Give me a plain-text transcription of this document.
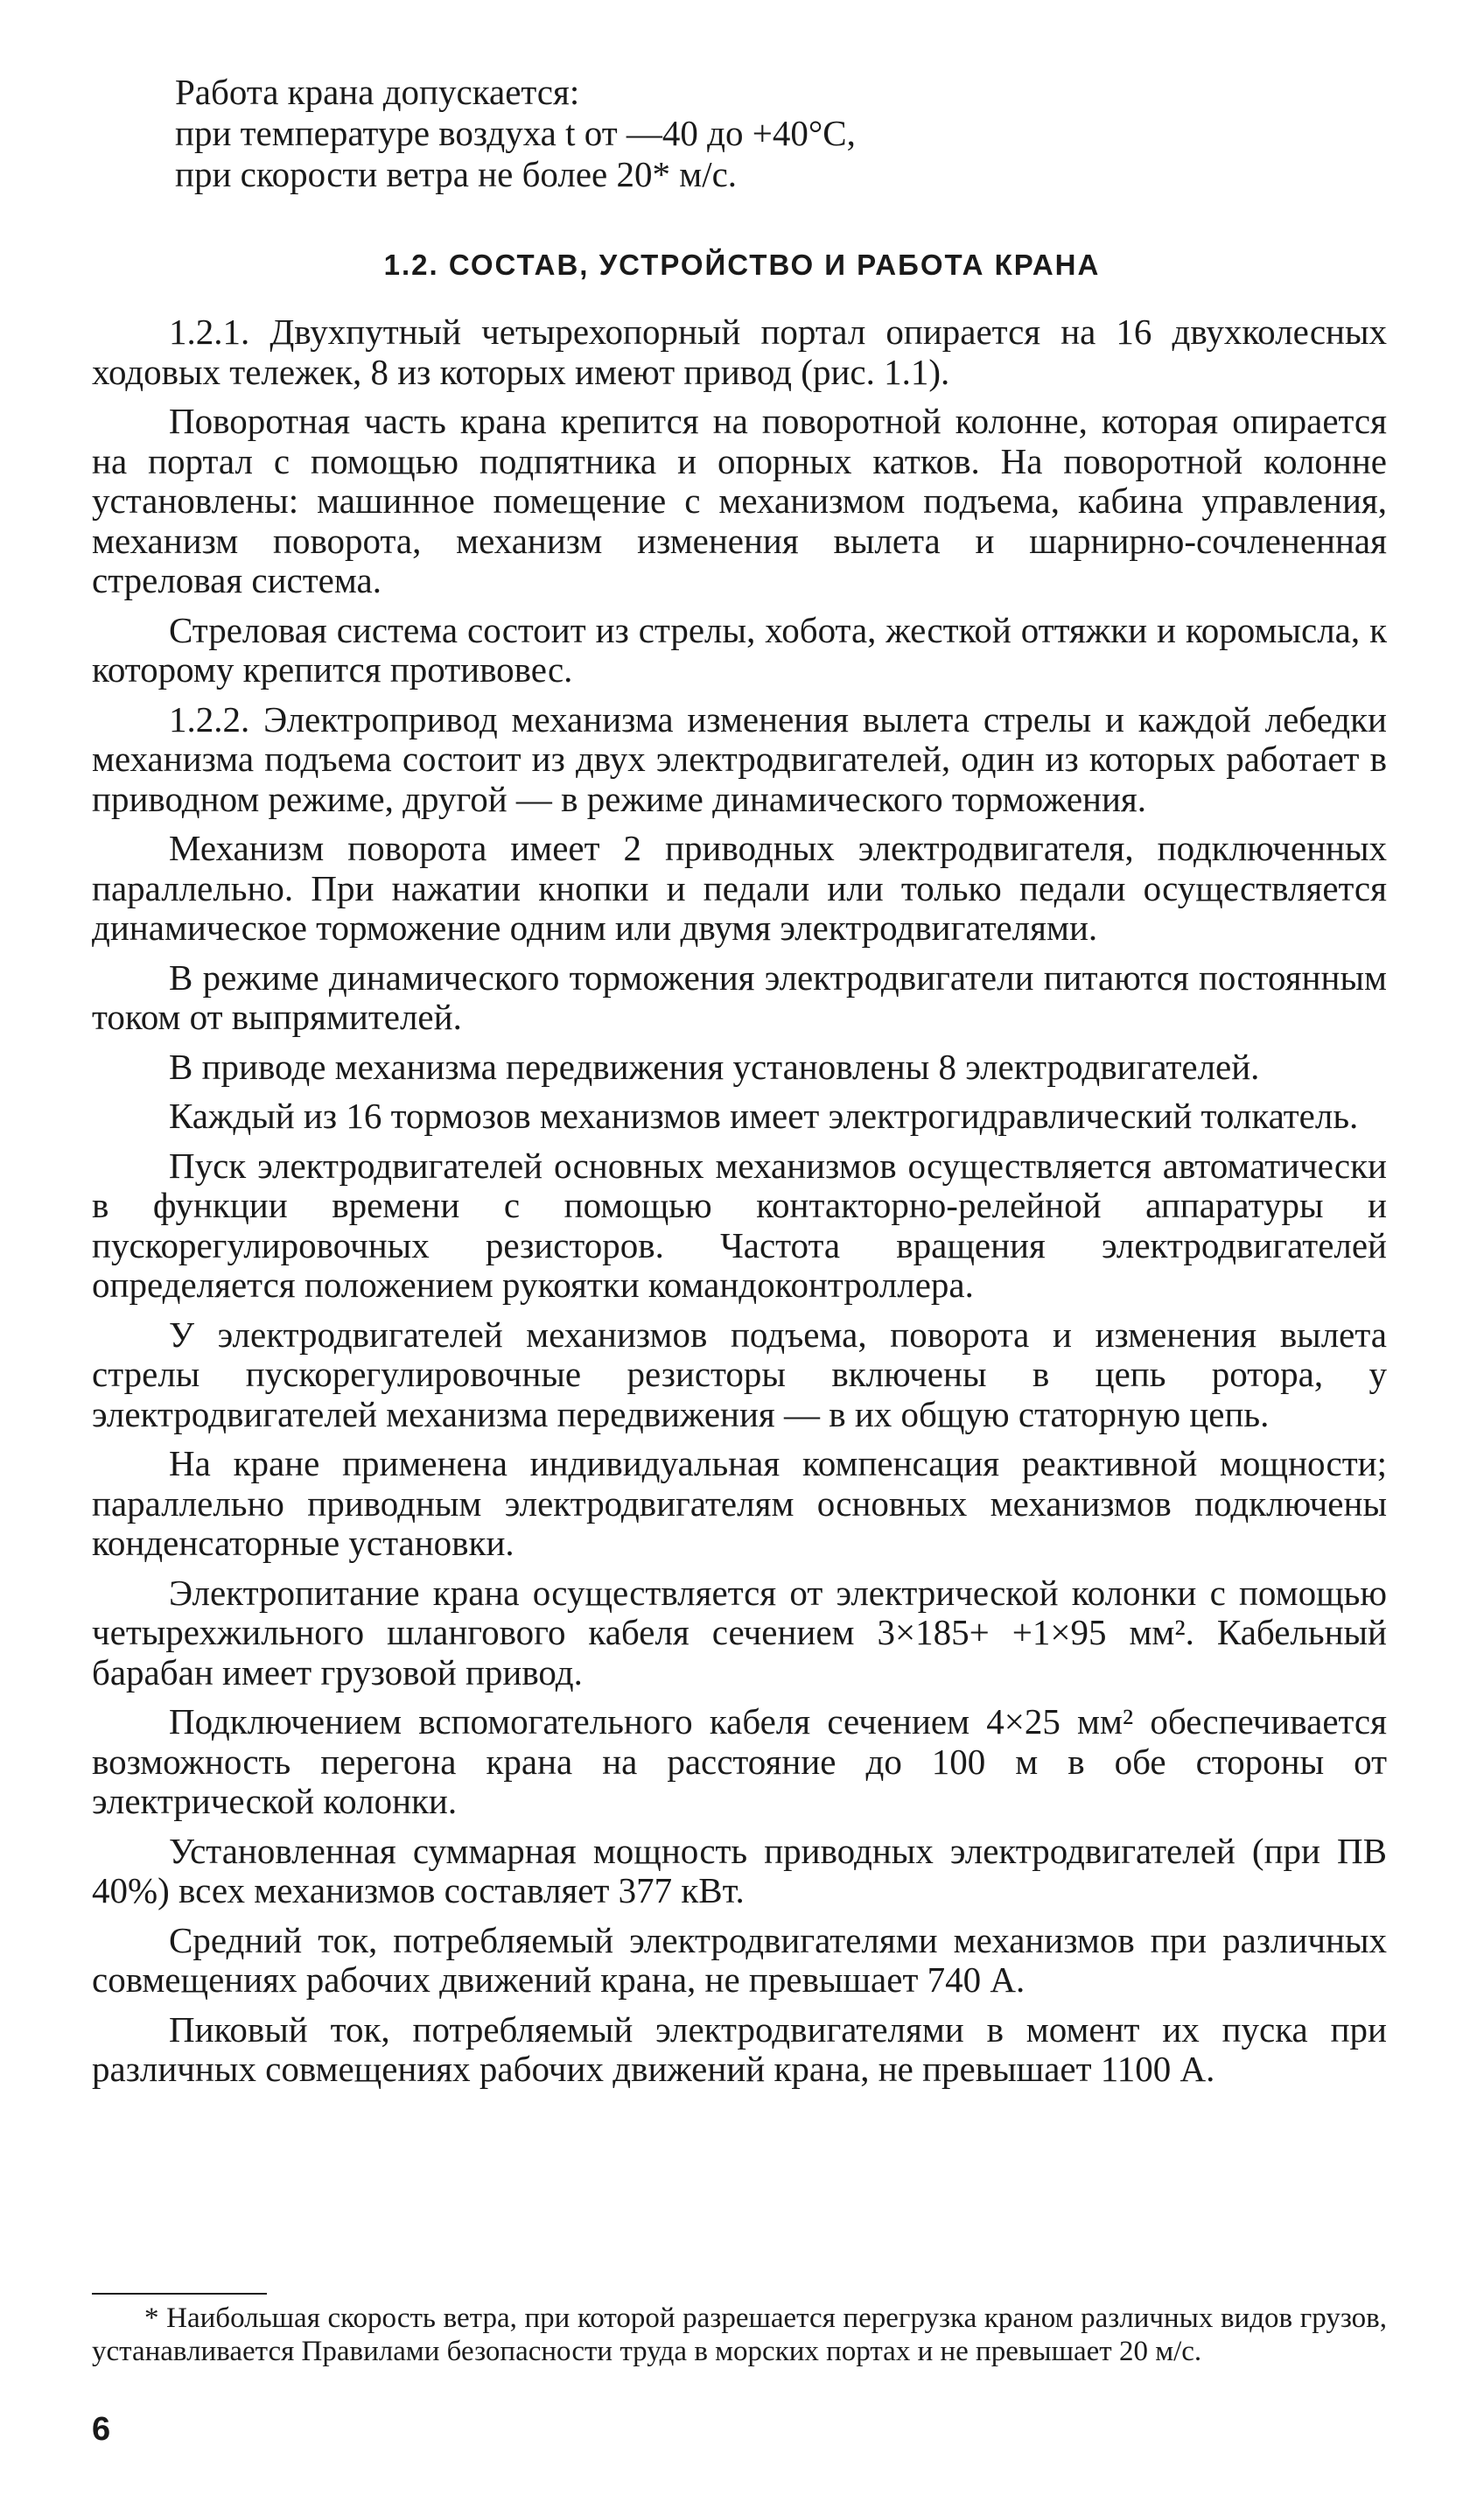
Работа крана допускается:
при температуре воздуха t от —40 до +40°С,
при скорости ветра не более 20* м/с.
1.2. СОСТАВ, УСТРОЙСТВО И РАБОТА КРАНА

1.2.1. Двухпутный четырехопорный портал опирается на 16 двухколесных ходовых тележек, 8 из которых имеют привод (рис. 1.1).

Поворотная часть крана крепится на поворотной колонне, которая опирается на портал с помощью подпятника и опорных катков. На поворотной колонне установлены: машинное помещение с механизмом подъема, кабина управления, механизм поворота, механизм изменения вылета и шарнирно-сочлененная стреловая система.

Стреловая система состоит из стрелы, хобота, жесткой оттяжки и коромысла, к которому крепится противовес.

1.2.2. Электропривод механизма изменения вылета стрелы и каждой лебедки механизма подъема состоит из двух электродвигателей, один из которых работает в приводном режиме, другой — в режиме динамического торможения.

Механизм поворота имеет 2 приводных электродвигателя, подключенных параллельно. При нажатии кнопки и педали или только педали осуществляется динамическое торможение одним или двумя электродвигателями.

В режиме динамического торможения электродвигатели питаются постоянным током от выпрямителей.

В приводе механизма передвижения установлены 8 электродвигателей.

Каждый из 16 тормозов механизмов имеет электрогидравлический толкатель.

Пуск электродвигателей основных механизмов осуществляется автоматически в функции времени с помощью контакторно-релейной аппаратуры и пускорегулировочных резисторов. Частота вращения электродвигателей определяется положением рукоятки командоконтроллера.

У электродвигателей механизмов подъема, поворота и изменения вылета стрелы пускорегулировочные резисторы включены в цепь ротора, у электродвигателей механизма передвижения — в их общую статорную цепь.

На кране применена индивидуальная компенсация реактивной мощности; параллельно приводным электродвигателям основных механизмов подключены конденсаторные установки.

Электропитание крана осуществляется от электрической колонки с помощью четырехжильного шлангового кабеля сечением 3×185+ +1×95 мм². Кабельный барабан имеет грузовой привод.

Подключением вспомогательного кабеля сечением 4×25 мм² обеспечивается возможность перегона крана на расстояние до 100 м в обе стороны от электрической колонки.

Установленная суммарная мощность приводных электродвигателей (при ПВ 40%) всех механизмов составляет 377 кВт.

Средний ток, потребляемый электродвигателями механизмов при различных совмещениях рабочих движений крана, не превышает 740 А.

Пиковый ток, потребляемый электродвигателями в момент их пуска при различных совмещениях рабочих движений крана, не превышает 1100 А.

* Наибольшая скорость ветра, при которой разрешается перегрузка краном различных видов грузов, устанавливается Правилами безопасности труда в морских портах и не превышает 20 м/с.
6
